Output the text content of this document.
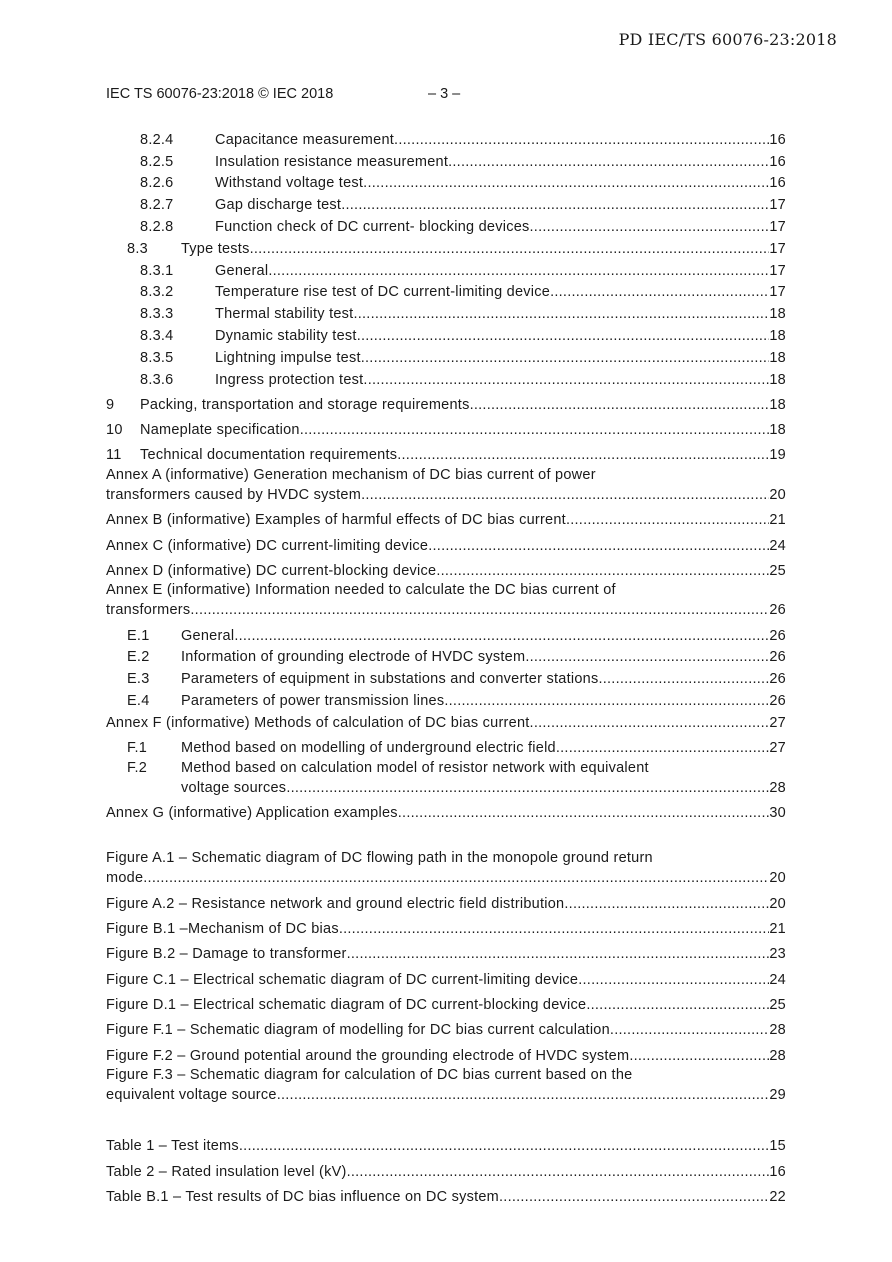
PD IEC/TS 60076-23:2018
IEC TS 60076-23:2018 © IEC 2018	– 3 –
8.2.4	Capacitance measurement .....	16
8.2.5	Insulation resistance measurement .....	16
8.2.6	Withstand voltage test .....	16
8.2.7	Gap discharge test .....	17
8.2.8	Function check of DC current- blocking devices .....	17
8.3	Type tests .....	17
8.3.1	General .....	17
8.3.2	Temperature rise test of DC current-limiting device .....	17
8.3.3	Thermal stability test .....	18
8.3.4	Dynamic stability test .....	18
8.3.5	Lightning impulse test .....	18
8.3.6	Ingress protection test .....	18
9	Packing, transportation and storage requirements .....	18
10	Nameplate specification .....	18
11	Technical documentation requirements .....	19
Annex A (informative) Generation mechanism of DC bias current of power
transformers caused by HVDC system .....	20
Annex B (informative) Examples of harmful effects of DC bias current .....	21
Annex C (informative) DC current-limiting device .....	24
Annex D (informative) DC current-blocking device .....	25
Annex E (informative) Information needed to calculate the DC bias current of
transformers .....	26
E.1	General .....	26
E.2	Information of grounding electrode of HVDC system .....	26
E.3	Parameters of equipment in substations and converter stations .....	26
E.4	Parameters of power transmission lines .....	26
Annex F (informative) Methods of calculation of DC bias current .....	27
F.1	Method based on modelling of underground electric field .....	27
F.2	Method based on calculation model of resistor network with equivalent
voltage sources .....	28
Annex G (informative) Application examples .....	30
Figure A.1 – Schematic diagram of DC flowing path in the monopole ground return
mode .....	20
Figure A.2 – Resistance network and ground electric field distribution .....	20
Figure B.1 –Mechanism of DC bias .....	21
Figure B.2 – Damage to transformer .....	23
Figure C.1 – Electrical schematic diagram of DC current-limiting device .....	24
Figure D.1 – Electrical schematic diagram of DC current-blocking device .....	25
Figure F.1 – Schematic diagram of modelling for DC bias current calculation .....	28
Figure F.2 – Ground potential around the grounding electrode of HVDC system .....	28
Figure F.3 – Schematic diagram for calculation of DC bias current based on the
equivalent voltage source .....	29
Table 1 – Test items .....	15
Table 2 – Rated insulation level (kV) .....	16
Table B.1 – Test results of DC bias influence on DC system .....	22
